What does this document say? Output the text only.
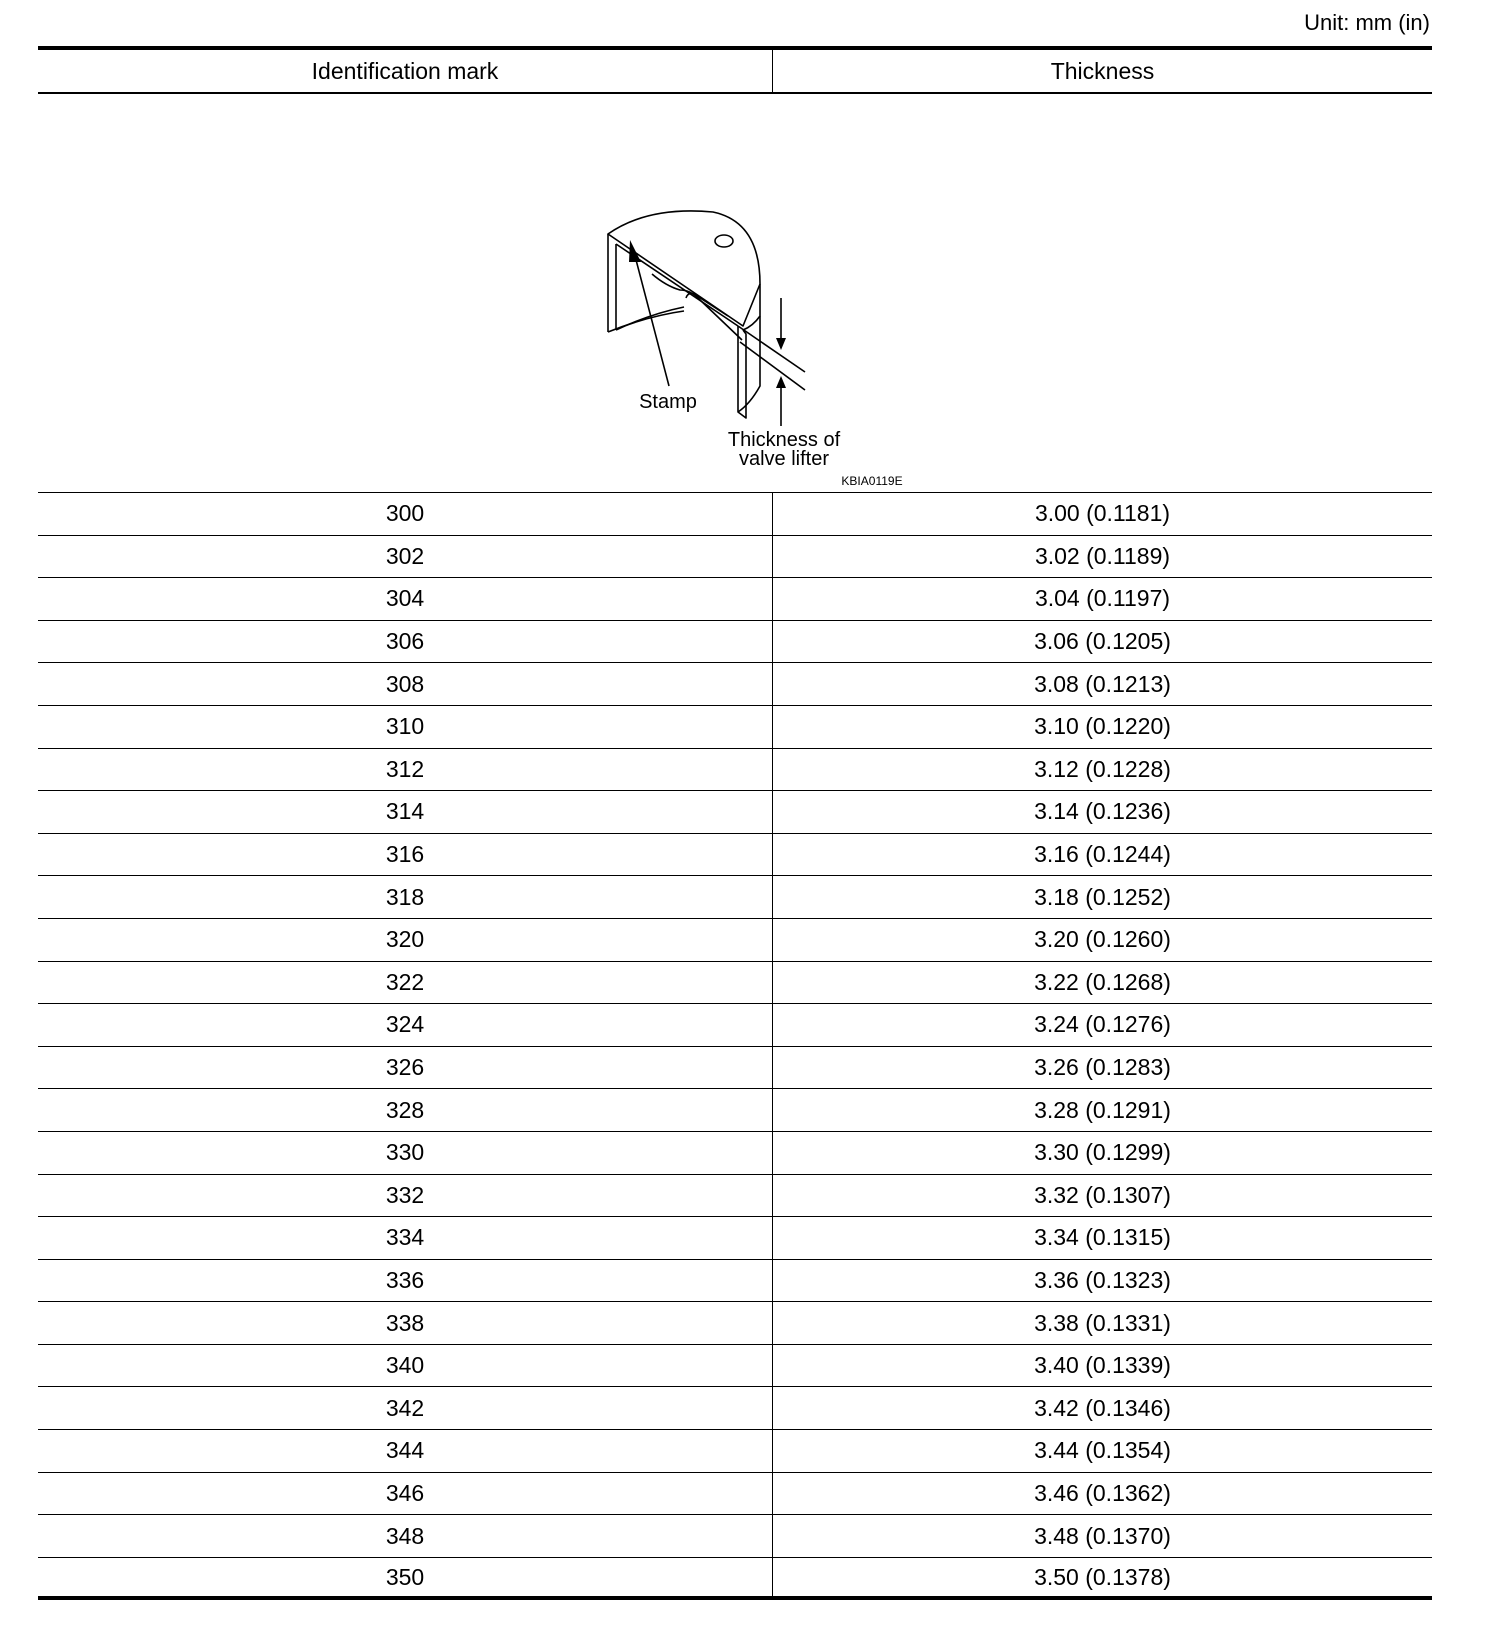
Unit: mm (in)
Identification mark	Thickness
Stamp
Thickness of
valve lifter
KBIA0119E
300	3.00 (0.1181)
302	3.02 (0.1189)
304	3.04 (0.1197)
306	3.06 (0.1205)
308	3.08 (0.1213)
310	3.10 (0.1220)
312	3.12 (0.1228)
314	3.14 (0.1236)
316	3.16 (0.1244)
318	3.18 (0.1252)
320	3.20 (0.1260)
322	3.22 (0.1268)
324	3.24 (0.1276)
326	3.26 (0.1283)
328	3.28 (0.1291)
330	3.30 (0.1299)
332	3.32 (0.1307)
334	3.34 (0.1315)
336	3.36 (0.1323)
338	3.38 (0.1331)
340	3.40 (0.1339)
342	3.42 (0.1346)
344	3.44 (0.1354)
346	3.46 (0.1362)
348	3.48 (0.1370)
350	3.50 (0.1378)
